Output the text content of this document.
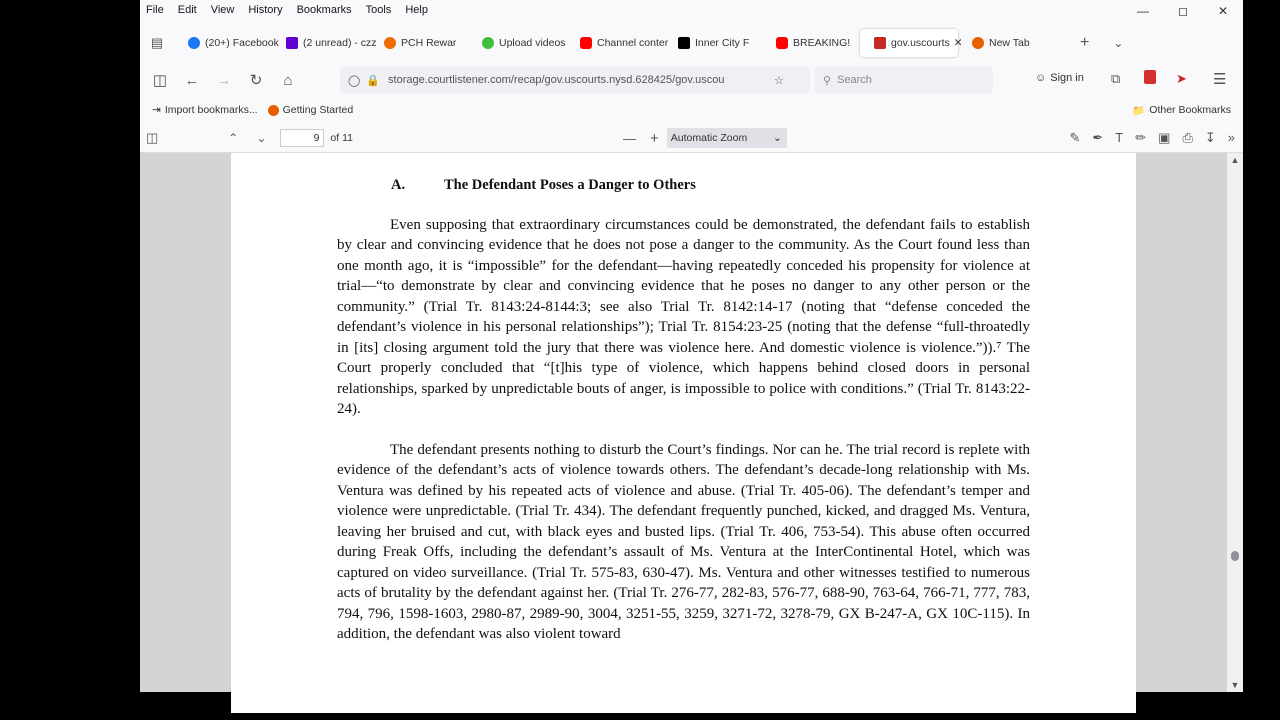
File Edit View History Bookmarks Tools Help	—	◻	✕
▤	(20+) Facebook (2 unread) - czz PCH Rewar	Upload videos	Channel conter	Inner City F	BREAKING!	gov.uscourts ✕	New Tab	+ ⌄
◫	←	→	↻	⌂	◯ 🔒 storage.courtlistener.com/recap/gov.uscourts.nysd.628425/gov.uscou	☆	⚲ Search	☺ Sign in ⧉	➤ ☰
⇥ Import bookmarks... Getting Started	📁 Other Bookmarks
◫	⌃ ⌄	9	of 11	— + Automatic Zoom ⌄	✎ ✒ T ✏ ▣ ⎙ ↧ »
A.	The Defendant Poses a Danger to Others

Even supposing that extraordinary circumstances could be demonstrated, the defendant fails to establish by clear and convincing evidence that he does not pose a danger to the community. As the Court found less than one month ago, it is “impossible” for the defendant—having repeatedly conceded his propensity for violence at trial—“to demonstrate by clear and convincing evidence that he poses no danger to any other person or the community.” (Trial Tr. 8143:24-8144:3; see also Trial Tr. 8142:14-17 (noting that “defense conceded the defendant’s violence in his personal relationships”); Trial Tr. 8154:23-25 (noting that the defense “full-throatedly in [its] closing argument told the jury that there was violence here. And domestic violence is violence.”)).⁷ The Court properly concluded that “[t]his type of violence, which happens behind closed doors in personal relationships, sparked by unpredictable bouts of anger, is impossible to police with conditions.” (Trial Tr. 8143:22-24).

The defendant presents nothing to disturb the Court’s findings. Nor can he. The trial record is replete with evidence of the defendant’s acts of violence towards others. The defendant’s decade-long relationship with Ms. Ventura was defined by his repeated acts of violence and abuse. (Trial Tr. 405-06). The defendant’s temper and violence were unpredictable. (Trial Tr. 434). The defendant frequently punched, kicked, and dragged Ms. Ventura, leaving her bruised and cut, with black eyes and busted lips. (Trial Tr. 406, 753-54). This abuse often occurred during Freak Offs, including the defendant’s assault of Ms. Ventura at the InterContinental Hotel, which was captured on video surveillance. (Trial Tr. 575-83, 630-47). Ms. Ventura and other witnesses testified to numerous acts of brutality by the defendant against her. (Trial Tr. 276-77, 282-83, 576-77, 688-90, 763-64, 766-71, 777, 783, 794, 796, 1598-1603, 2980-87, 2989-90, 3004, 3251-55, 3259, 3271-72, 3278-79, GX B-247-A, GX 10C-115). In addition, the defendant was also violent toward

▲
▼
